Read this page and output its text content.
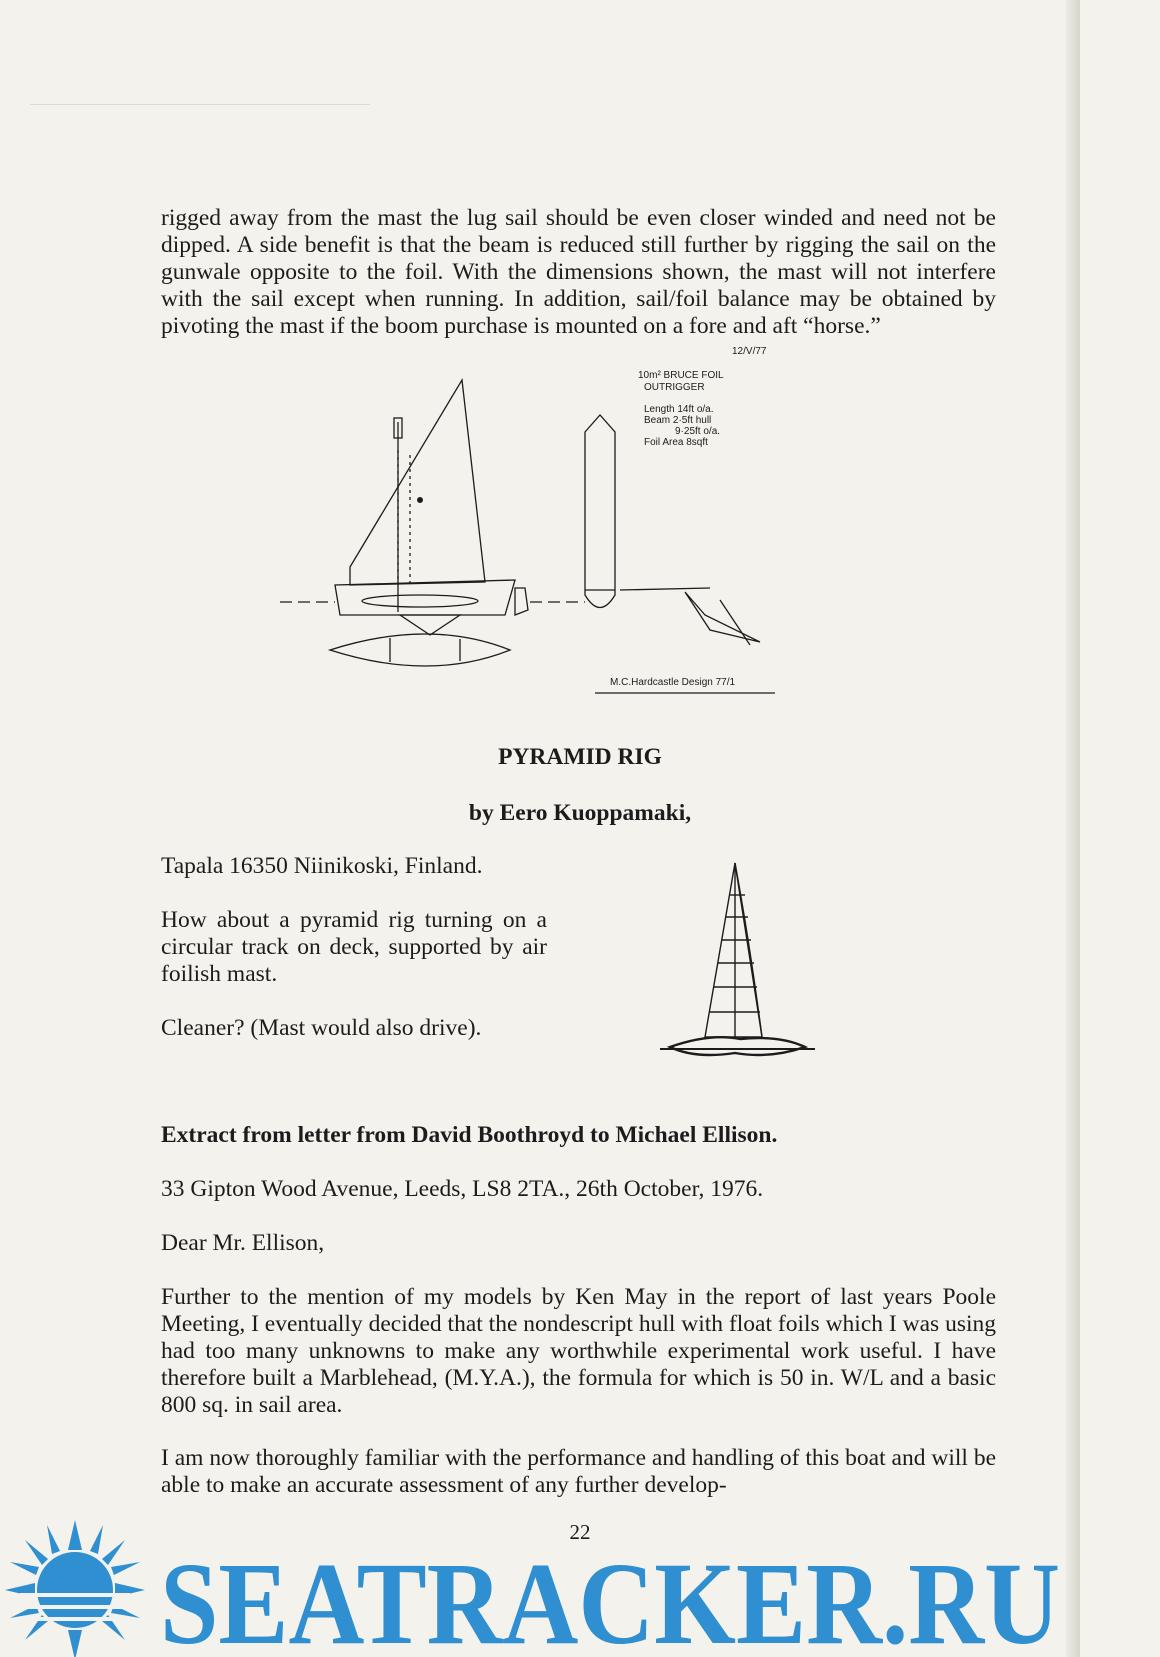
rigged away from the mast the lug sail should be even closer winded and need not be dipped. A side benefit is that the beam is reduced still further by rigging the sail on the gunwale opposite to the foil. With the dimensions shown, the mast will not interfere with the sail except when running. In addition, sail/foil balance may be obtained by pivoting the mast if the boom purchase is mounted on a fore and aft “horse.”

12/V/77
10m² BRUCE FOIL
OUTRIGGER
Length 14ft o/a.
Beam 2·5ft hull
9·25ft o/a.
Foil Area 8sqft
M.C.Hardcastle Design 77/1

PYRAMID RIG

by Eero Kuoppamaki,

Tapala 16350 Niinikoski, Finland.

How about a pyramid rig turning on a circular track on deck, supported by air foilish mast.

Cleaner? (Mast would also drive).

Extract from letter from David Boothroyd to Michael Ellison.

33 Gipton Wood Avenue, Leeds, LS8 2TA., 26th October, 1976.

Dear Mr. Ellison,

Further to the mention of my models by Ken May in the report of last years Poole Meeting, I eventually decided that the nondescript hull with float foils which I was using had too many unknowns to make any worthwhile experimental work useful. I have therefore built a Marblehead, (M.Y.A.), the formula for which is 50 in. W/L and a basic 800 sq. in sail area.

I am now thoroughly familiar with the performance and handling of this boat and will be able to make an accurate assessment of any further develop-

22

SEATRACKER.RU
